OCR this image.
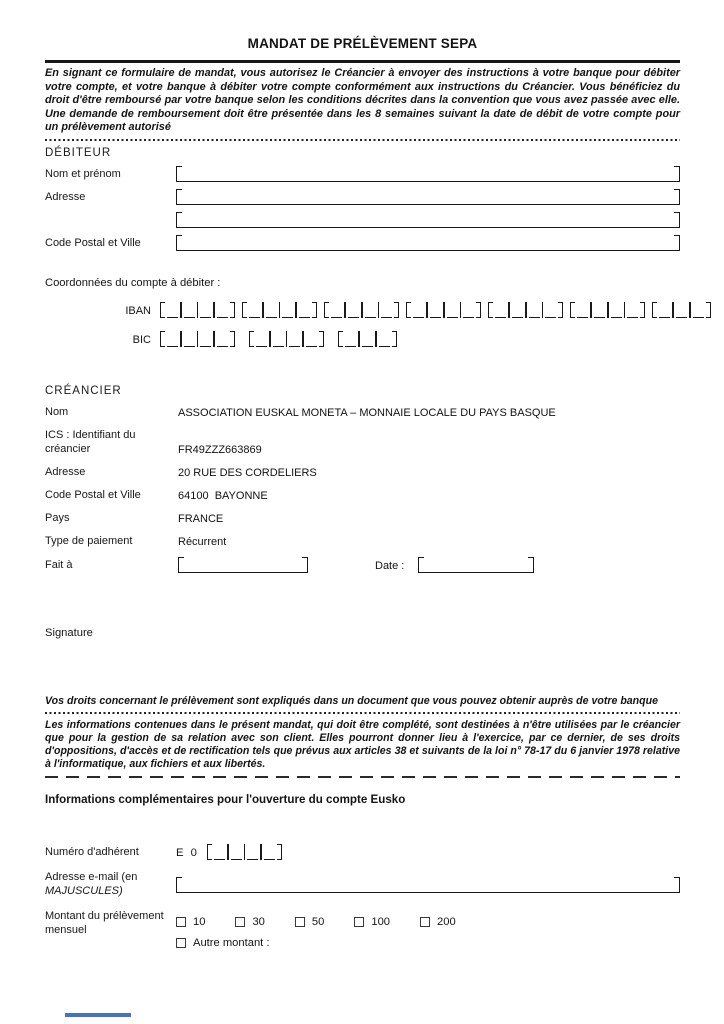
MANDAT DE PRÉLÈVEMENT SEPA

En signant ce formulaire de mandat, vous autorisez le Créancier à envoyer des instructions à votre banque pour débiter votre compte, et votre banque à débiter votre compte conformément aux instructions du Créancier. Vous bénéficiez du droit d'être remboursé par votre banque selon les conditions décrites dans la convention que vous avez passée avec elle. Une demande de remboursement doit être présentée dans les 8 semaines suivant la date de débit de votre compte pour un prélèvement autorisé

DÉBITEUR
Nom et prénom
Adresse
Code Postal et Ville
Coordonnées du compte à débiter :
IBAN
BIC
CRÉANCIER
Nom	ASSOCIATION EUSKAL MONETA – MONNAIE LOCALE DU PAYS BASQUE
ICS : Identifiant du créancier	FR49ZZZ663869
Adresse	20 RUE DES CORDELIERS
Code Postal et Ville	64100  BAYONNE
Pays	FRANCE
Type de paiement	Récurrent
Fait à	Date :
Signature

Vos droits concernant le prélèvement sont expliqués dans un document que vous pouvez obtenir auprès de votre banque

Les informations contenues dans le présent mandat, qui doit être complété, sont destinées à n'être utilisées par le créancier que pour la gestion de sa relation avec son client. Elles pourront donner lieu à l'exercice, par ce dernier, de ses droits d'oppositions, d'accès et de rectification tels que prévus aux articles 38 et suivants de la loi n° 78-17 du 6 janvier 1978 relative à l'informatique, aux fichiers et aux libertés.

Informations complémentaires pour l'ouverture du compte Eusko
Numéro d'adhérent	E 0
Adresse e-mail (en
MAJUSCULES)
Montant du prélèvement mensuel
10	30	50	100	200
Autre montant :
